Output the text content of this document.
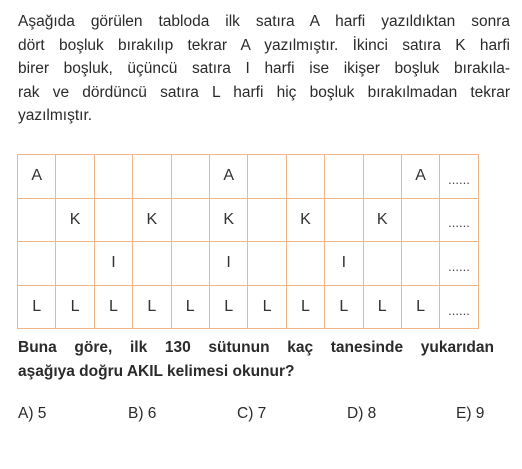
Aşağıda görülen tabloda ilk satıra A harfi yazıldıktan sonra
dört boşluk bırakılıp tekrar A yazılmıştır. İkinci satıra K harfi
birer boşluk, üçüncü satıra I harfi ise ikişer boşluk bırakıla-
rak ve dördüncü satıra L harfi hiç boşluk bırakılmadan tekrar
yazılmıştır.
A					A					A	......
	K		K		K		K		K		......
		I			I			I			......
L	L	L	L	L	L	L	L	L	L	L	......
Buna göre, ilk 130 sütunun kaç tanesinde yukarıdan
aşağıya doğru AKIL kelimesi okunur?
A) 5	B) 6	C) 7	D) 8	E) 9
